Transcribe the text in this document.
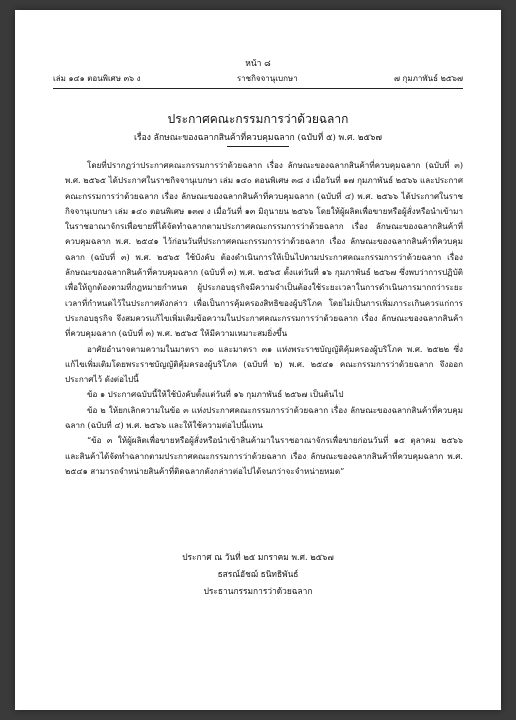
หน้า ๘
เล่ม ๑๔๑ ตอนพิเศษ ๓๖ ง	ราชกิจจานุเบกษา	๗ กุมภาพันธ์ ๒๕๖๗
ประกาศคณะกรรมการว่าด้วยฉลาก
เรื่อง ลักษณะของฉลากสินค้าที่ควบคุมฉลาก (ฉบับที่ ๕) พ.ศ. ๒๕๖๗

โดยที่ปรากฏว่าประกาศคณะกรรมการว่าด้วยฉลาก เรื่อง ลักษณะของฉลากสินค้าที่ควบคุมฉลาก (ฉบับที่ ๓) พ.ศ. ๒๕๖๕ ได้ประกาศในราชกิจจานุเบกษา เล่ม ๑๔๐ ตอนพิเศษ ๓๘ ง เมื่อวันที่ ๑๗ กุมภาพันธ์ ๒๕๖๖ และประกาศคณะกรรมการว่าด้วยฉลาก เรื่อง ลักษณะของฉลากสินค้าที่ควบคุมฉลาก (ฉบับที่ ๔) พ.ศ. ๒๕๖๖ ได้ประกาศในราชกิจจานุเบกษา เล่ม ๑๔๐ ตอนพิเศษ ๑๓๗ ง เมื่อวันที่ ๑๓ มิถุนายน ๒๕๖๖ โดยให้ผู้ผลิตเพื่อขายหรือผู้สั่งหรือนำเข้ามาในราชอาณาจักรเพื่อขายที่ได้จัดทำฉลากตามประกาศคณะกรรมการว่าด้วยฉลาก เรื่อง ลักษณะของฉลากสินค้าที่ควบคุมฉลาก พ.ศ. ๒๕๔๑ ไว้ก่อนวันที่ประกาศคณะกรรมการว่าด้วยฉลาก เรื่อง ลักษณะของฉลากสินค้าที่ควบคุมฉลาก (ฉบับที่ ๓) พ.ศ. ๒๕๖๕ ใช้บังคับ ต้องดำเนินการให้เป็นไปตามประกาศคณะกรรมการว่าด้วยฉลาก เรื่อง ลักษณะของฉลากสินค้าที่ควบคุมฉลาก (ฉบับที่ ๓) พ.ศ. ๒๕๖๕ ตั้งแต่วันที่ ๑๖ กุมภาพันธ์ ๒๕๖๗ ซึ่งพบว่าการปฏิบัติเพื่อให้ถูกต้องตามที่กฎหมายกำหนด ผู้ประกอบธุรกิจมีความจำเป็นต้องใช้ระยะเวลาในการดำเนินการมากกว่าระยะเวลาที่กำหนดไว้ในประกาศดังกล่าว เพื่อเป็นการคุ้มครองสิทธิของผู้บริโภค โดยไม่เป็นการเพิ่มภาระเกินควรแก่การประกอบธุรกิจ จึงสมควรแก้ไขเพิ่มเติมข้อความในประกาศคณะกรรมการว่าด้วยฉลาก เรื่อง ลักษณะของฉลากสินค้าที่ควบคุมฉลาก (ฉบับที่ ๓) พ.ศ. ๒๕๖๕ ให้มีความเหมาะสมยิ่งขึ้น

อาศัยอำนาจตามความในมาตรา ๓๐ และมาตรา ๓๑ แห่งพระราชบัญญัติคุ้มครองผู้บริโภค พ.ศ. ๒๕๒๒ ซึ่งแก้ไขเพิ่มเติมโดยพระราชบัญญัติคุ้มครองผู้บริโภค (ฉบับที่ ๒) พ.ศ. ๒๕๔๑ คณะกรรมการว่าด้วยฉลาก จึงออกประกาศไว้ ดังต่อไปนี้

ข้อ ๑ ประกาศฉบับนี้ให้ใช้บังคับตั้งแต่วันที่ ๑๖ กุมภาพันธ์ ๒๕๖๗ เป็นต้นไป

ข้อ ๒ ให้ยกเลิกความในข้อ ๓ แห่งประกาศคณะกรรมการว่าด้วยฉลาก เรื่อง ลักษณะของฉลากสินค้าที่ควบคุมฉลาก (ฉบับที่ ๔) พ.ศ. ๒๕๖๖ และให้ใช้ความต่อไปนี้แทน

“ข้อ ๓ ให้ผู้ผลิตเพื่อขายหรือผู้สั่งหรือนำเข้าสินค้ามาในราชอาณาจักรเพื่อขายก่อนวันที่ ๑๕ ตุลาคม ๒๕๖๖ และสินค้าได้จัดทำฉลากตามประกาศคณะกรรมการว่าด้วยฉลาก เรื่อง ลักษณะของฉลากสินค้าที่ควบคุมฉลาก พ.ศ. ๒๕๔๑ สามารถจำหน่ายสินค้าที่ติดฉลากดังกล่าวต่อไปได้จนกว่าจะจำหน่ายหมด”

ประกาศ ณ วันที่ ๒๕ มกราคม พ.ศ. ๒๕๖๗
ธสรณ์อัชฌ์ ธนิทธิพันธ์
ประธานกรรมการว่าด้วยฉลาก
